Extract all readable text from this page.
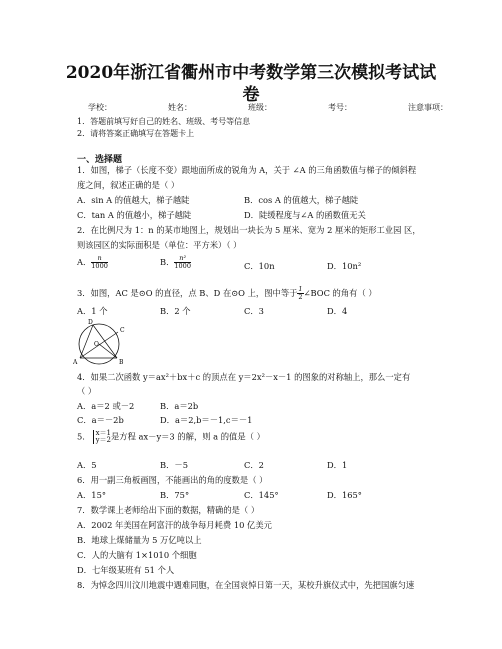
2020年浙江省衢州市中考数学第三次模拟考试试卷
学校：	姓名：	班级：	考号：	注意事项：
1．答题前填写好自己的姓名、班级、考号等信息
2．请将答案正确填写在答题卡上
一、选择题
1．如图，梯子（长度不变）跟地面所成的锐角为 A，关于 ∠A 的三角函数值与梯子的倾斜程
度之间，叙述正确的是（ ）
A．sin A 的值越大，梯子越陡	B．cos A 的值越大，梯子越陡
C．tan A 的值越小，梯子越陡	D．陡缓程度与∠A 的函数值无关
2．在比例尺为 1：n 的某市地图上，规划出一块长为 5 厘米、宽为 2 厘米的矩形工业园 区，
则该园区的实际面积是（单位：平方米）（ ）
A． $\frac{n}{1000}$	B． $\frac{\text{n²}}{1000}$	C．10n	D．10n²
3．如图，AC 是⊙O 的直径，点 B、D 在⊙O 上，图中等于 $\frac{1}{2}$ ∠BOC 的角有（ ）
A．1 个	B．2 个	C．3	D．4
D
C
O
A	B
4．如果二次函数 y＝ax²＋bx＋c 的顶点在 y＝2x²－x－1 的图象的对称轴上，那么一定有
（ ）
A．a＝2 或－2	B．a＝2b
C．a＝－2b	D．a＝2,b＝－1,c＝－1
5． x＝1
y＝2 是方程 ax－y＝3 的解，则 a 的值是（ ）
A．5	B．－5	C．2	D．1
6．用一副三角板画图，不能画出的角的度数是（ ）
A．15°	B．75°	C．145°	D．165°
7．数学课上老师给出下面的数据，精确的是（ ）
A．2002 年美国在阿富汗的战争每月耗费 10 亿美元
B．地球上煤储量为 5 万亿吨以上
C．人的大脑有 1×1010 个细胞
D．七年级某班有 51 个人
8．为悼念四川汶川地震中遇难同胞，在全国哀悼日第一天，某校升旗仪式中，先把国旗匀速
